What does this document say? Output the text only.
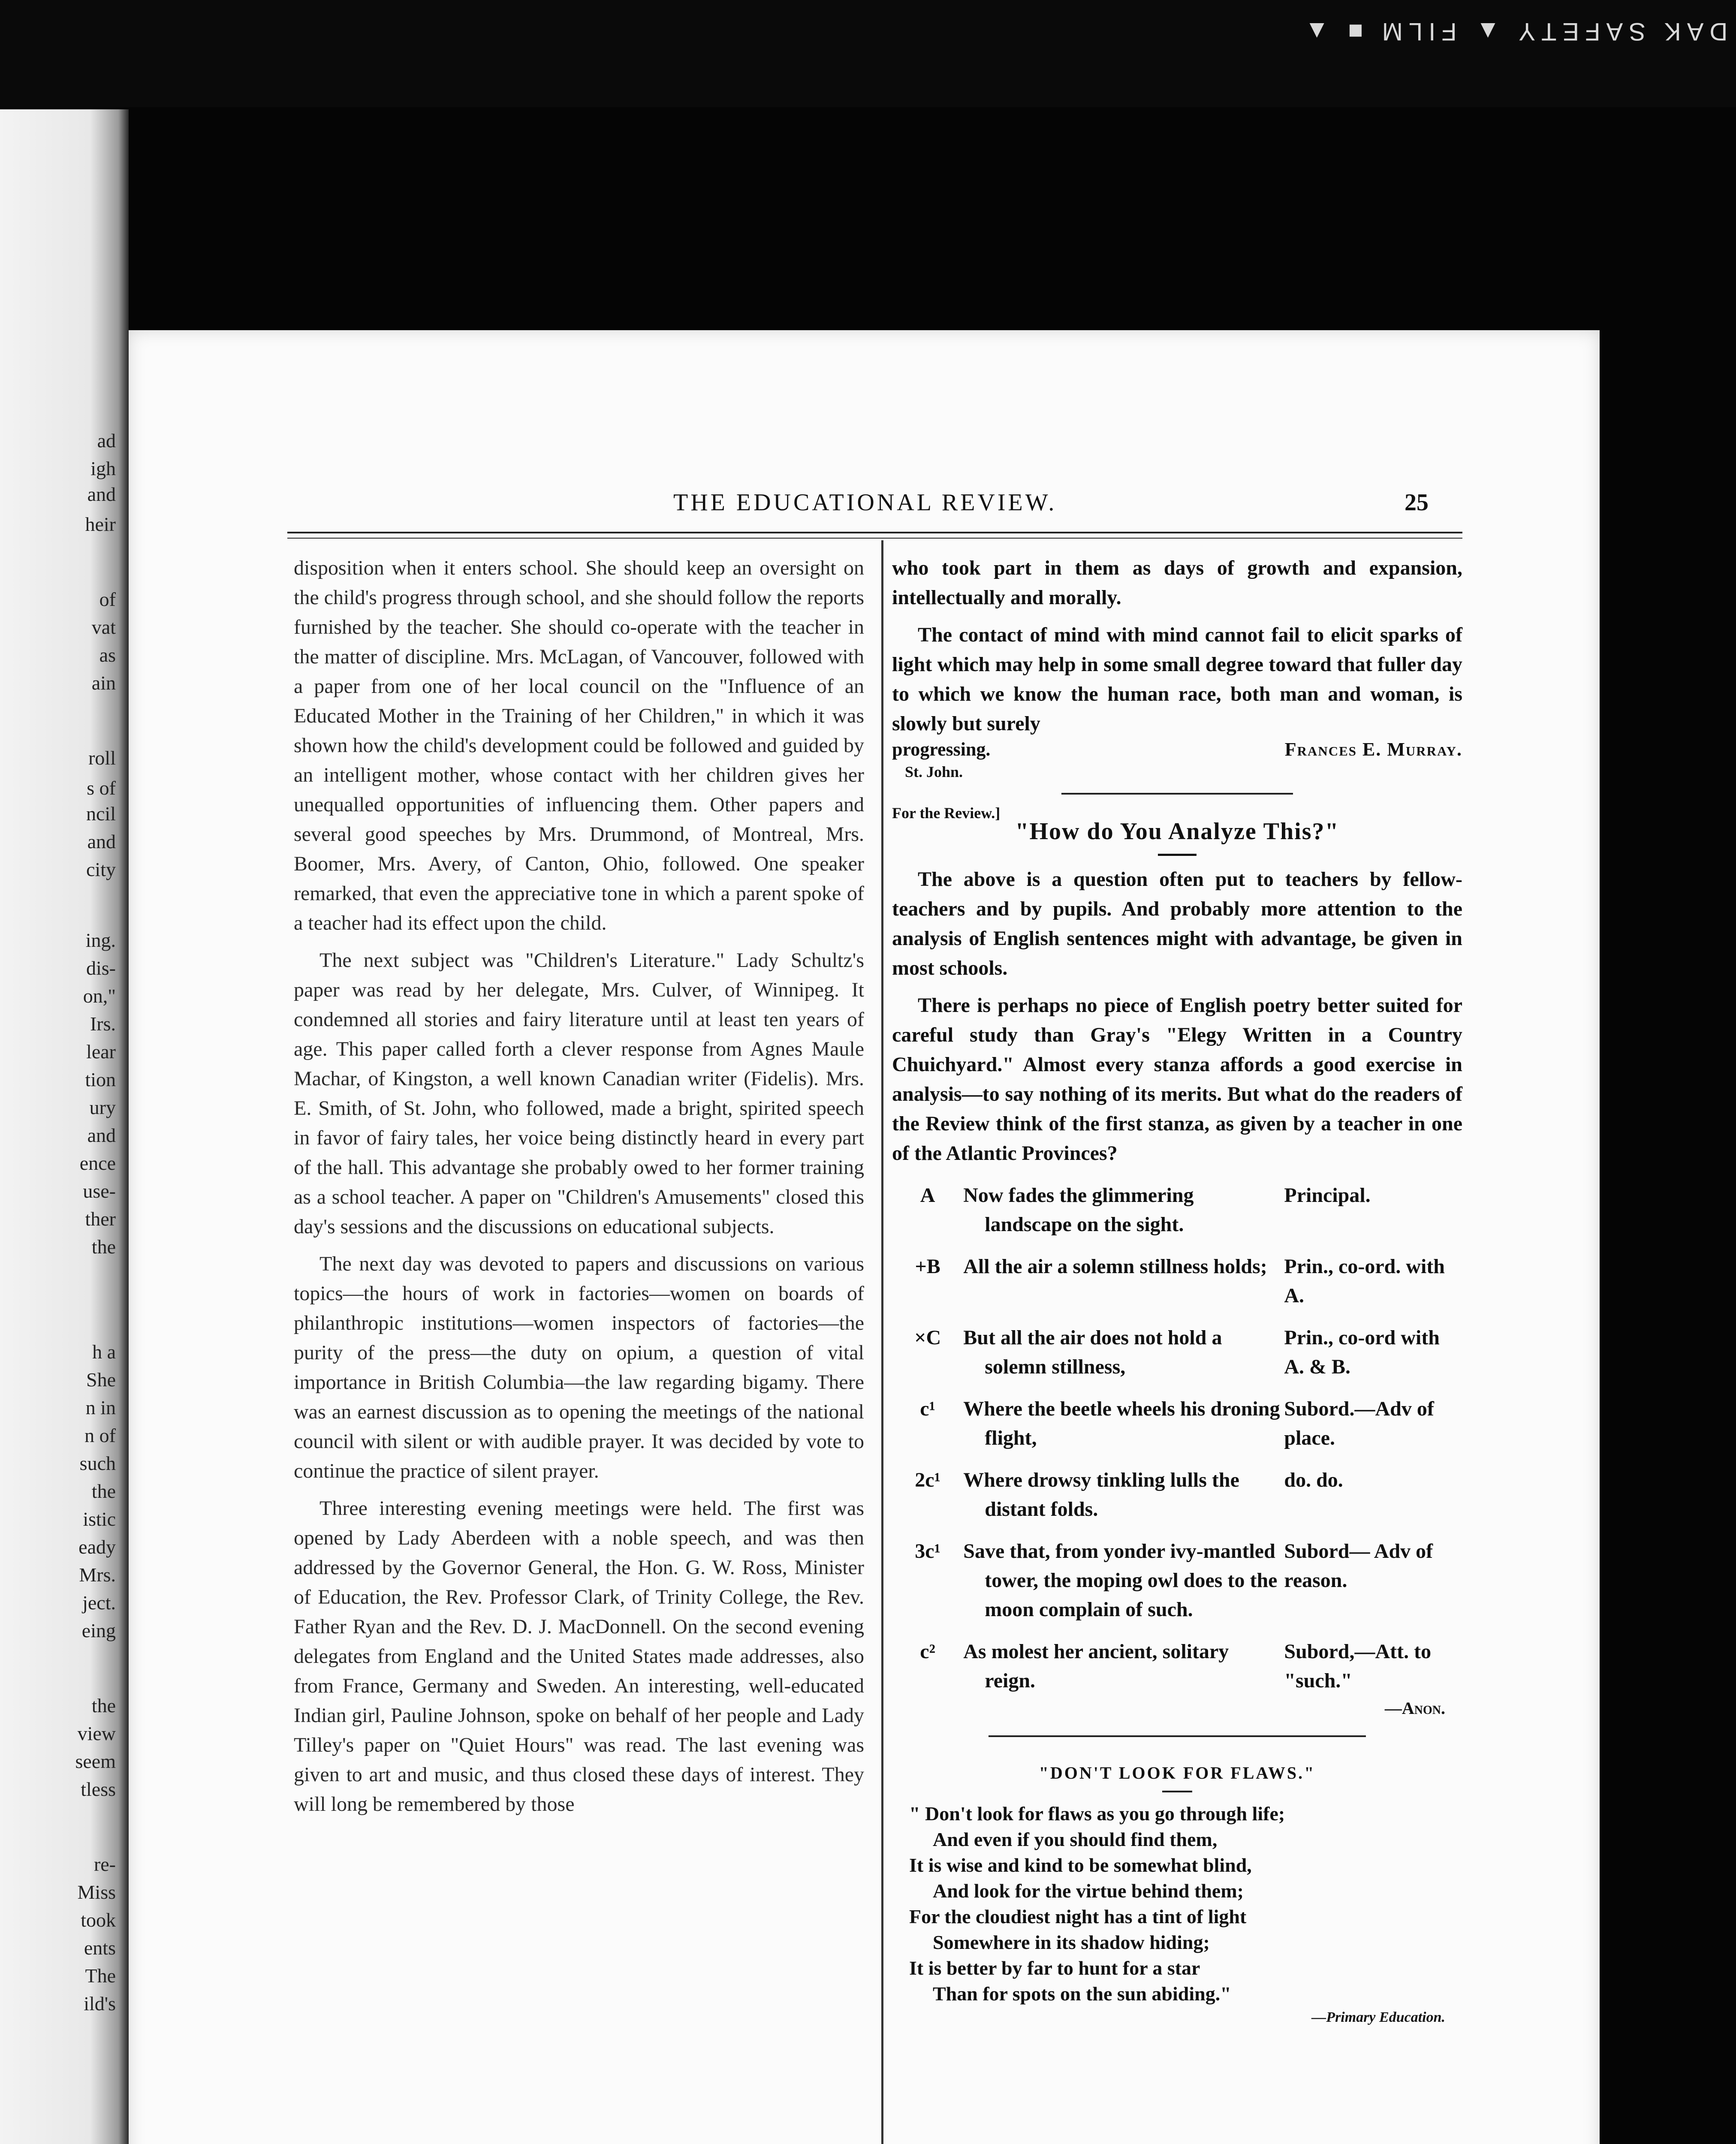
DAK SAFETY ▲ FILM ■ ▲
ad
igh
and
heir
of
vat
as
ain
roll
s of
ncil
and
city
ing.
dis-
on,"
Irs.
lear
tion
ury
and
ence
use-
ther
the
h a
She
n in
n of
such
the
istic
eady
Mrs.
ject.
eing
the
view
seem
tless
re-
Miss
took
ents
The
ild's
THE EDUCATIONAL REVIEW.	25

disposition when it enters school. She should keep an oversight on the child's progress through school, and she should follow the reports furnished by the teacher. She should co-operate with the teacher in the matter of discipline. Mrs. McLagan, of Vancouver, followed with a paper from one of her local council on the "Influence of an Educated Mother in the Training of her Children," in which it was shown how the child's development could be followed and guided by an intelligent mother, whose contact with her children gives her unequalled opportunities of influencing them. Other papers and several good speeches by Mrs. Drummond, of Montreal, Mrs. Boomer, Mrs. Avery, of Canton, Ohio, followed. One speaker remarked, that even the appreciative tone in which a parent spoke of a teacher had its effect upon the child.

The next subject was "Children's Literature." Lady Schultz's paper was read by her delegate, Mrs. Culver, of Winnipeg. It condemned all stories and fairy literature until at least ten years of age. This paper called forth a clever response from Agnes Maule Machar, of Kingston, a well known Canadian writer (Fidelis). Mrs. E. Smith, of St. John, who followed, made a bright, spirited speech in favor of fairy tales, her voice being distinctly heard in every part of the hall. This advantage she probably owed to her former training as a school teacher. A paper on "Children's Amusements" closed this day's sessions and the discussions on educational subjects.

The next day was devoted to papers and discussions on various topics—the hours of work in factories—women on boards of philanthropic institutions—women inspectors of factories—the purity of the press—the duty on opium, a question of vital importance in British Columbia—the law regarding bigamy. There was an earnest discussion as to opening the meetings of the national council with silent or with audible prayer. It was decided by vote to continue the practice of silent prayer.

Three interesting evening meetings were held. The first was opened by Lady Aberdeen with a noble speech, and was then addressed by the Governor General, the Hon. G. W. Ross, Minister of Education, the Rev. Professor Clark, of Trinity College, the Rev. Father Ryan and the Rev. D. J. MacDonnell. On the second evening delegates from England and the United States made addresses, also from France, Germany and Sweden. An interesting, well-educated Indian girl, Pauline Johnson, spoke on behalf of her people and Lady Tilley's paper on "Quiet Hours" was read. The last evening was given to art and music, and thus closed these days of interest. They will long be remembered by those

who took part in them as days of growth and expansion, intellectually and morally.

The contact of mind with mind cannot fail to elicit sparks of light which may help in some small degree toward that fuller day to which we know the human race, both man and woman, is slowly but surely

progressing.	Frances E. Murray.
St. John.
For the Review.]
"How do You Analyze This?"

The above is a question often put to teachers by fellow-teachers and by pupils. And probably more attention to the analysis of English sentences might with advantage, be given in most schools.

There is perhaps no piece of English poetry better suited for careful study than Gray's "Elegy Written in a Country Chuichyard." Almost every stanza affords a good exercise in analysis—to say nothing of its merits. But what do the readers of the Review think of the first stanza, as given by a teacher in one of the Atlantic Provinces?

A	Now fades the glimmering landscape on the sight.	Principal.
+B	All the air a solemn stillness holds;	Prin., co-ord. with A.
×C	But all the air does not hold a solemn stillness,	Prin., co-ord with A. & B.
c¹	Where the beetle wheels his droning flight,	Subord.—Adv of place.
2c¹	Where drowsy tinkling lulls the distant folds.	do. do.
3c¹	Save that, from yonder ivy-mantled tower, the moping owl does to the moon complain of such.	Subord— Adv of reason.
c²	As molest her ancient, solitary reign.	Subord,—Att. to "such."
—Anon.
"DON'T LOOK FOR FLAWS."
" Don't look for flaws as you go through life;
And even if you should find them,
It is wise and kind to be somewhat blind,
And look for the virtue behind them;
For the cloudiest night has a tint of light
Somewhere in its shadow hiding;
It is better by far to hunt for a star
Than for spots on the sun abiding."
—Primary Education.
